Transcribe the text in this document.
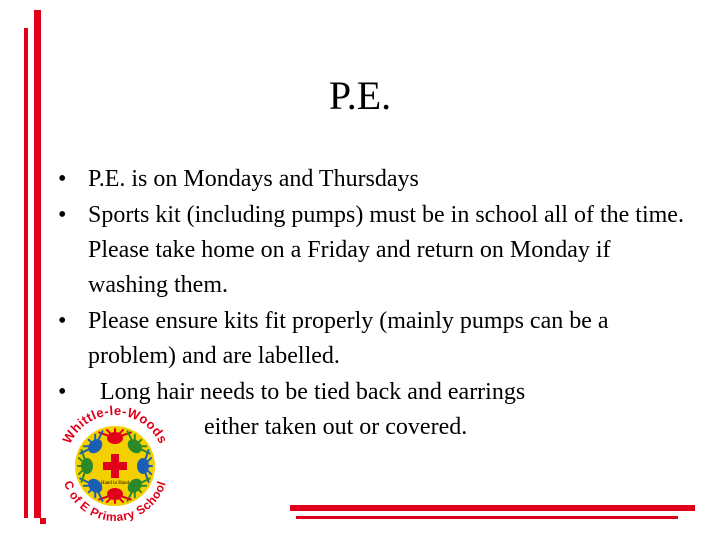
P.E.
• P.E. is on Mondays and Thursdays
• Sports kit (including pumps) must be in school all of the time. Please take home on a Friday and return on Monday if washing them.
• Please ensure kits fit properly (mainly pumps can be a problem) and are labelled.
•	Long hair needs to be tied back and earrings
either taken out or covered.
Hand in Hand
Whittle-le-Woods
C of E Primary School
